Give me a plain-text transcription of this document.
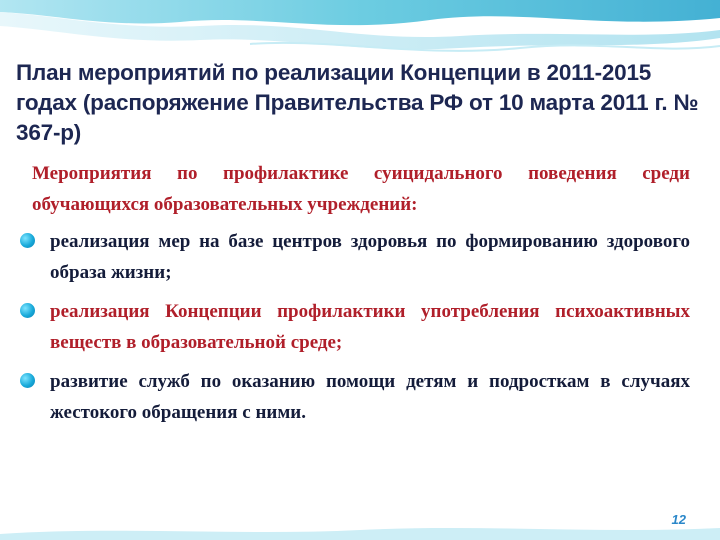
План мероприятий по реализации Концепции в 2011-2015 годах (распоряжение Правительства РФ от 10 марта 2011 г. № 367-р)
Мероприятия по профилактике суицидального поведения среди обучающихся образовательных учреждений:
реализация мер на базе центров здоровья по формированию здорового образа жизни;
реализация Концепции профилактики употребления психоактивных веществ в образовательной среде;
развитие служб по оказанию помощи детям и подросткам в случаях жестокого обращения с ними.
12
